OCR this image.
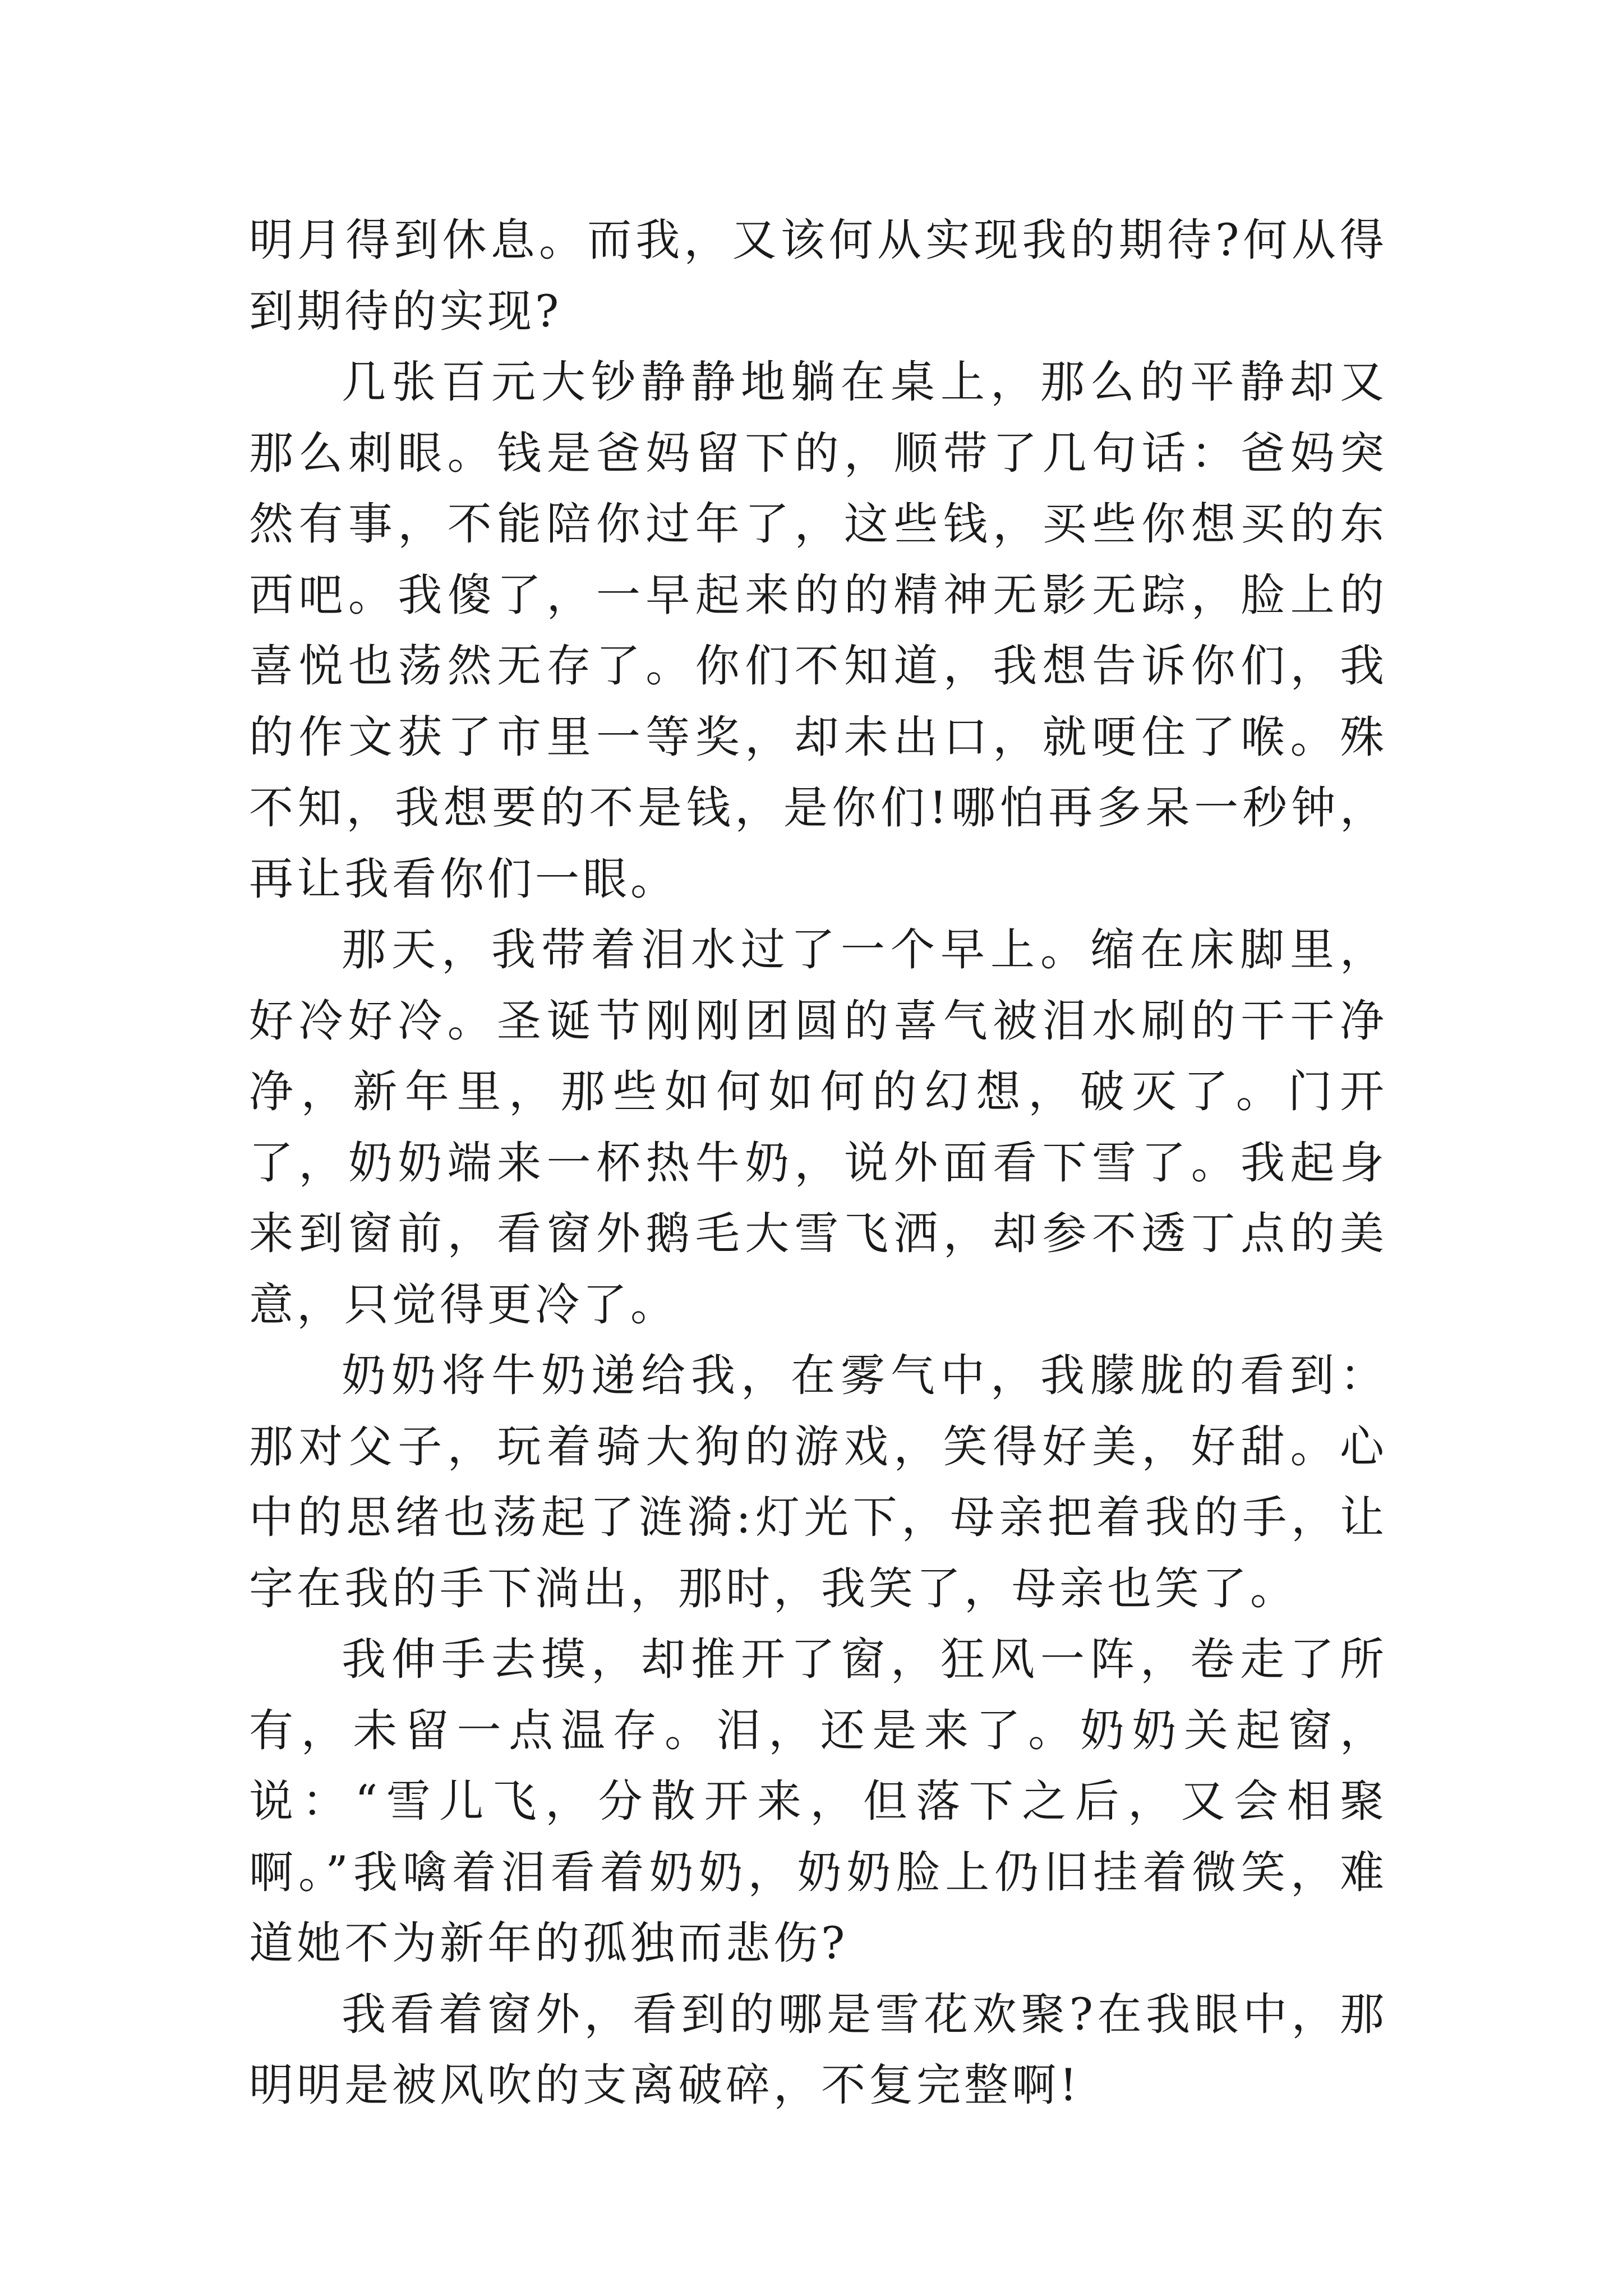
明月得到休息。而我，又该何从实现我的期待?何从得到期待的实现?

几张百元大钞静静地躺在桌上，那么的平静却又那么刺眼。钱是爸妈留下的，顺带了几句话：爸妈突然有事，不能陪你过年了，这些钱，买些你想买的东西吧。我傻了，一早起来的的精神无影无踪，脸上的喜悦也荡然无存了。你们不知道，我想告诉你们，我的作文获了市里一等奖，却未出口，就哽住了喉。殊不知，我想要的不是钱，是你们!哪怕再多呆一秒钟，再让我看你们一眼。

那天，我带着泪水过了一个早上。缩在床脚里，好冷好冷。圣诞节刚刚团圆的喜气被泪水刷的干干净净，新年里，那些如何如何的幻想，破灭了。门开了，奶奶端来一杯热牛奶，说外面看下雪了。我起身来到窗前，看窗外鹅毛大雪飞洒，却参不透丁点的美意，只觉得更冷了。

奶奶将牛奶递给我，在雾气中，我朦胧的看到：那对父子，玩着骑大狗的游戏，笑得好美，好甜。心中的思绪也荡起了涟漪:灯光下，母亲把着我的手，让字在我的手下淌出，那时，我笑了，母亲也笑了。

我伸手去摸，却推开了窗，狂风一阵，卷走了所有，未留一点温存。泪，还是来了。奶奶关起窗，说：“雪儿飞，分散开来，但落下之后，又会相聚啊。”我噙着泪看着奶奶，奶奶脸上仍旧挂着微笑，难道她不为新年的孤独而悲伤?

我看着窗外，看到的哪是雪花欢聚?在我眼中，那明明是被风吹的支离破碎，不复完整啊!
